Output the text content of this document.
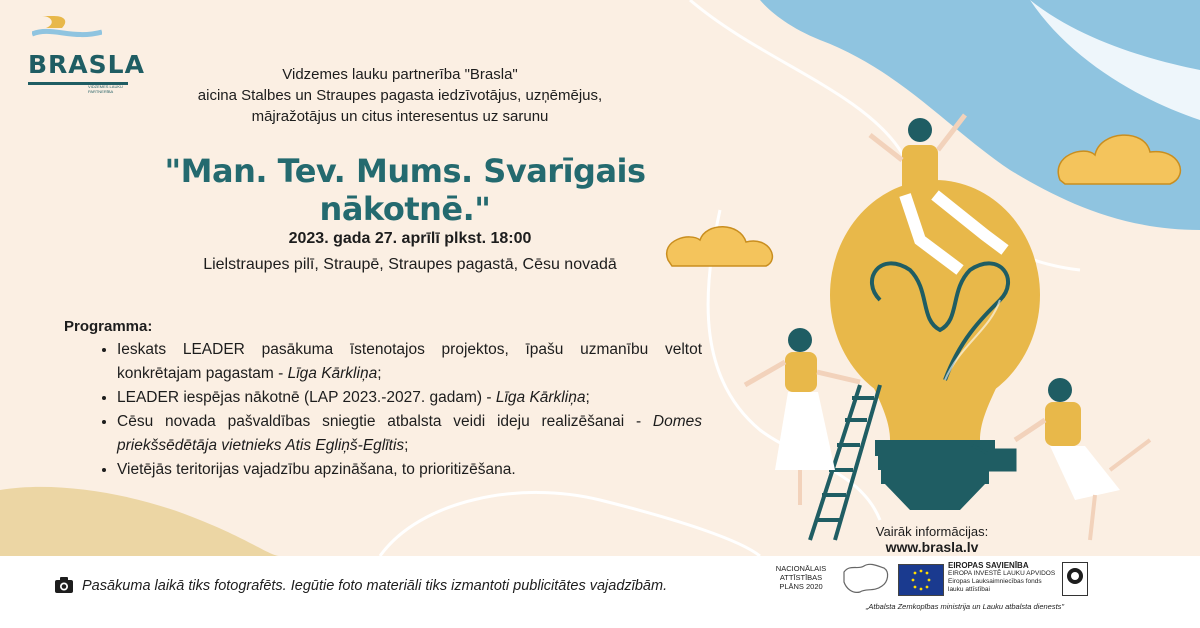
BRASLA
VIDZEMES LAUKU PARTNERĪBA
Vidzemes lauku partnerība "Brasla"
aicina Stalbes un Straupes pagasta iedzīvotājus, uzņēmējus,
mājražotājus un citus interesentus uz sarunu
"Man. Tev. Mums. Svarīgais nākotnē."
2023. gada 27. aprīlī plkst. 18:00
Lielstraupes pilī, Straupē, Straupes pagastā, Cēsu novadā
Programma:
• Ieskats LEADER pasākuma īstenotajos projektos, īpašu uzmanību veltot konkrētajam pagastam - Līga Kārkliņa;
• LEADER iespējas nākotnē (LAP 2023.-2027. gadam) - Līga Kārkliņa;
• Cēsu novada pašvaldības sniegtie atbalsta veidi ideju realizēšanai - Domes priekšsēdētāja vietnieks Atis Egliņš-Eglītis;
• Vietējās teritorijas vajadzību apzināšana, to prioritizēšana.
Vairāk informācijas:
www.brasla.lv
Pasākuma laikā tiks fotografēts. Iegūtie foto materiāli tiks izmantoti publicitātes vajadzībām.
NACIONĀLAIS
ATTĪSTĪBAS
PLĀNS 2020
EIROPAS SAVIENĪBA
EIROPA INVESTĒ LAUKU APVIDOS
Eiropas Lauksaimniecības fonds
lauku attīstībai
„Atbalsta Zemkopības ministrija un Lauku atbalsta dienests"
